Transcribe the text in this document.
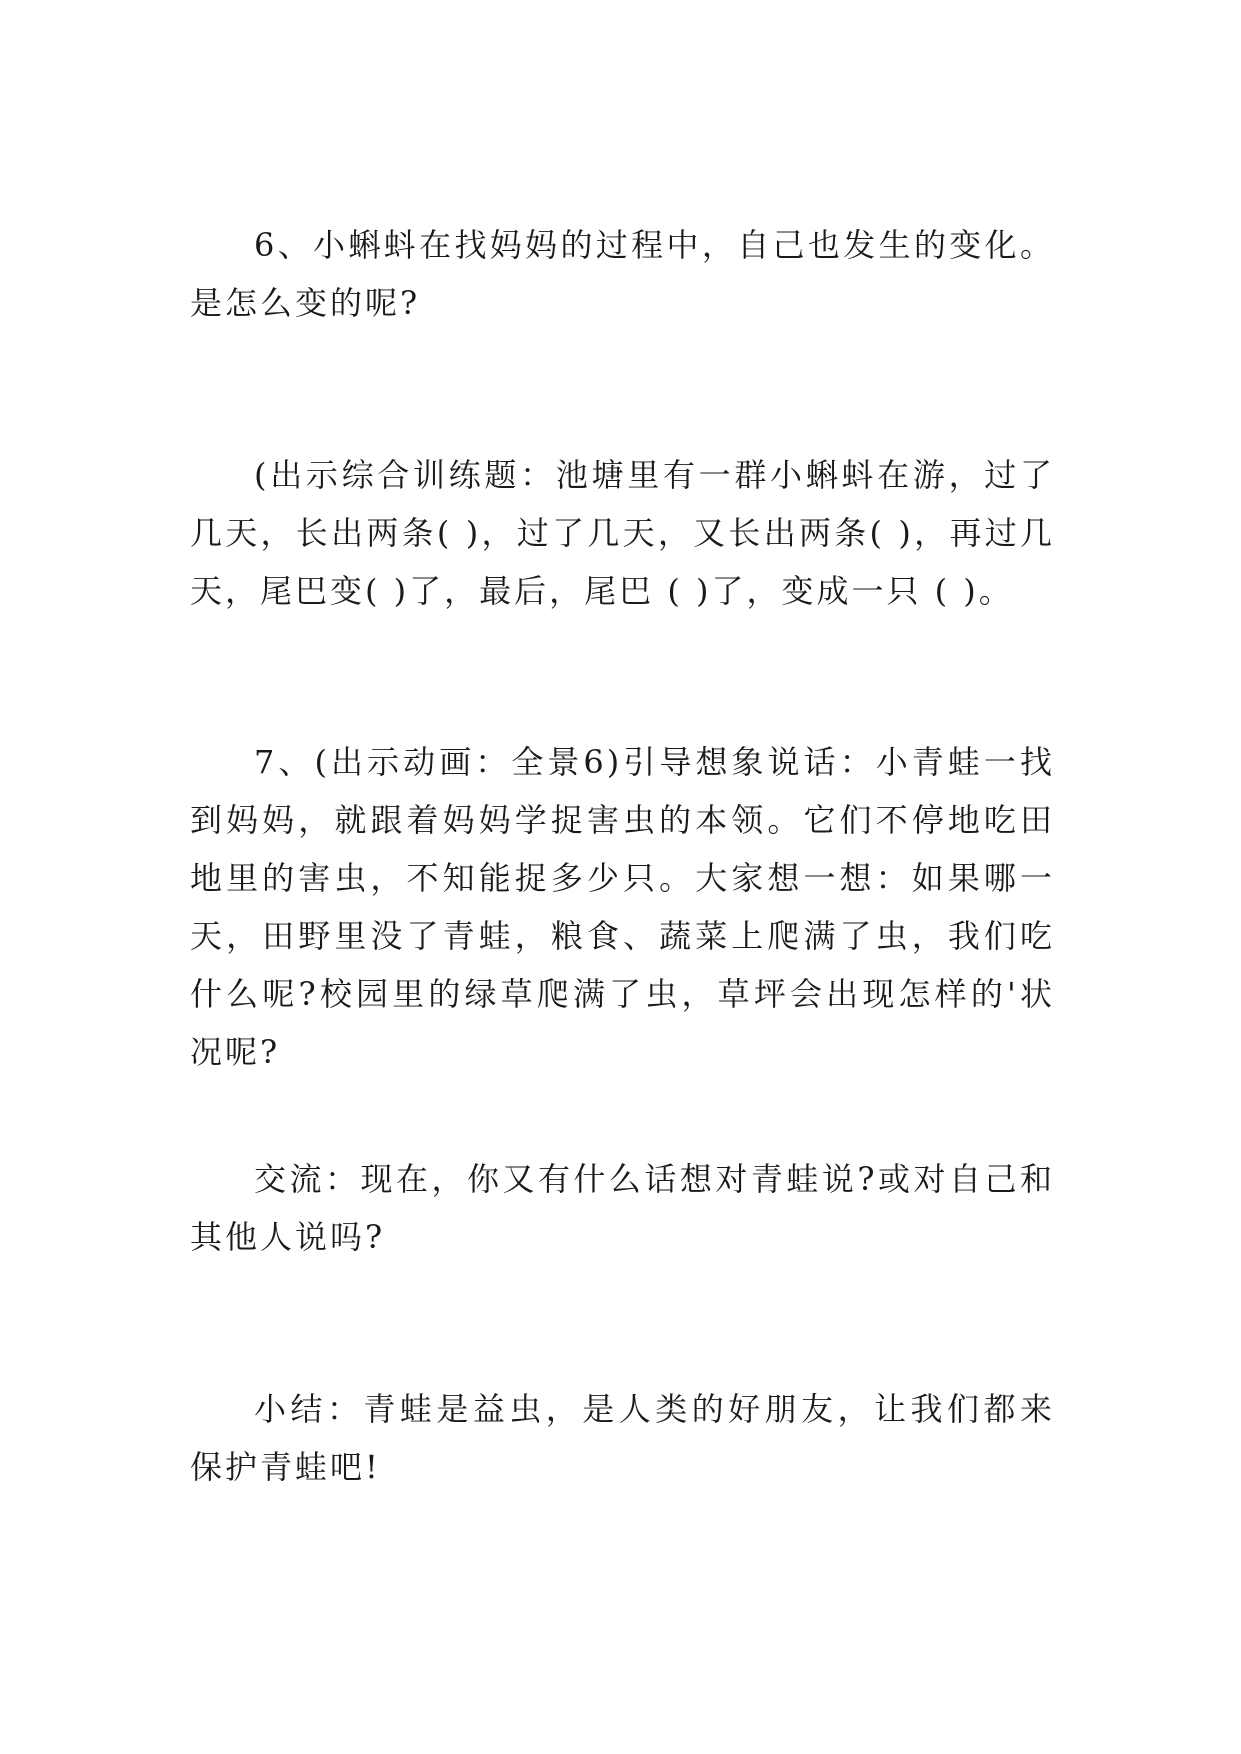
6、小蝌蚪在找妈妈的过程中，自己也发生的变化。是怎么变的呢?

(出示综合训练题：池塘里有一群小蝌蚪在游，过了几天，长出两条( )，过了几天，又长出两条( )，再过几天，尾巴变( )了，最后，尾巴 ( )了，变成一只 ( )。

7、(出示动画：全景6)引导想象说话：小青蛙一找到妈妈，就跟着妈妈学捉害虫的本领。它们不停地吃田地里的害虫，不知能捉多少只。大家想一想：如果哪一天，田野里没了青蛙，粮食、蔬菜上爬满了虫，我们吃什么呢?校园里的绿草爬满了虫，草坪会出现怎样的'状况呢?

交流：现在，你又有什么话想对青蛙说?或对自己和其他人说吗?

小结：青蛙是益虫，是人类的好朋友，让我们都来保护青蛙吧!
